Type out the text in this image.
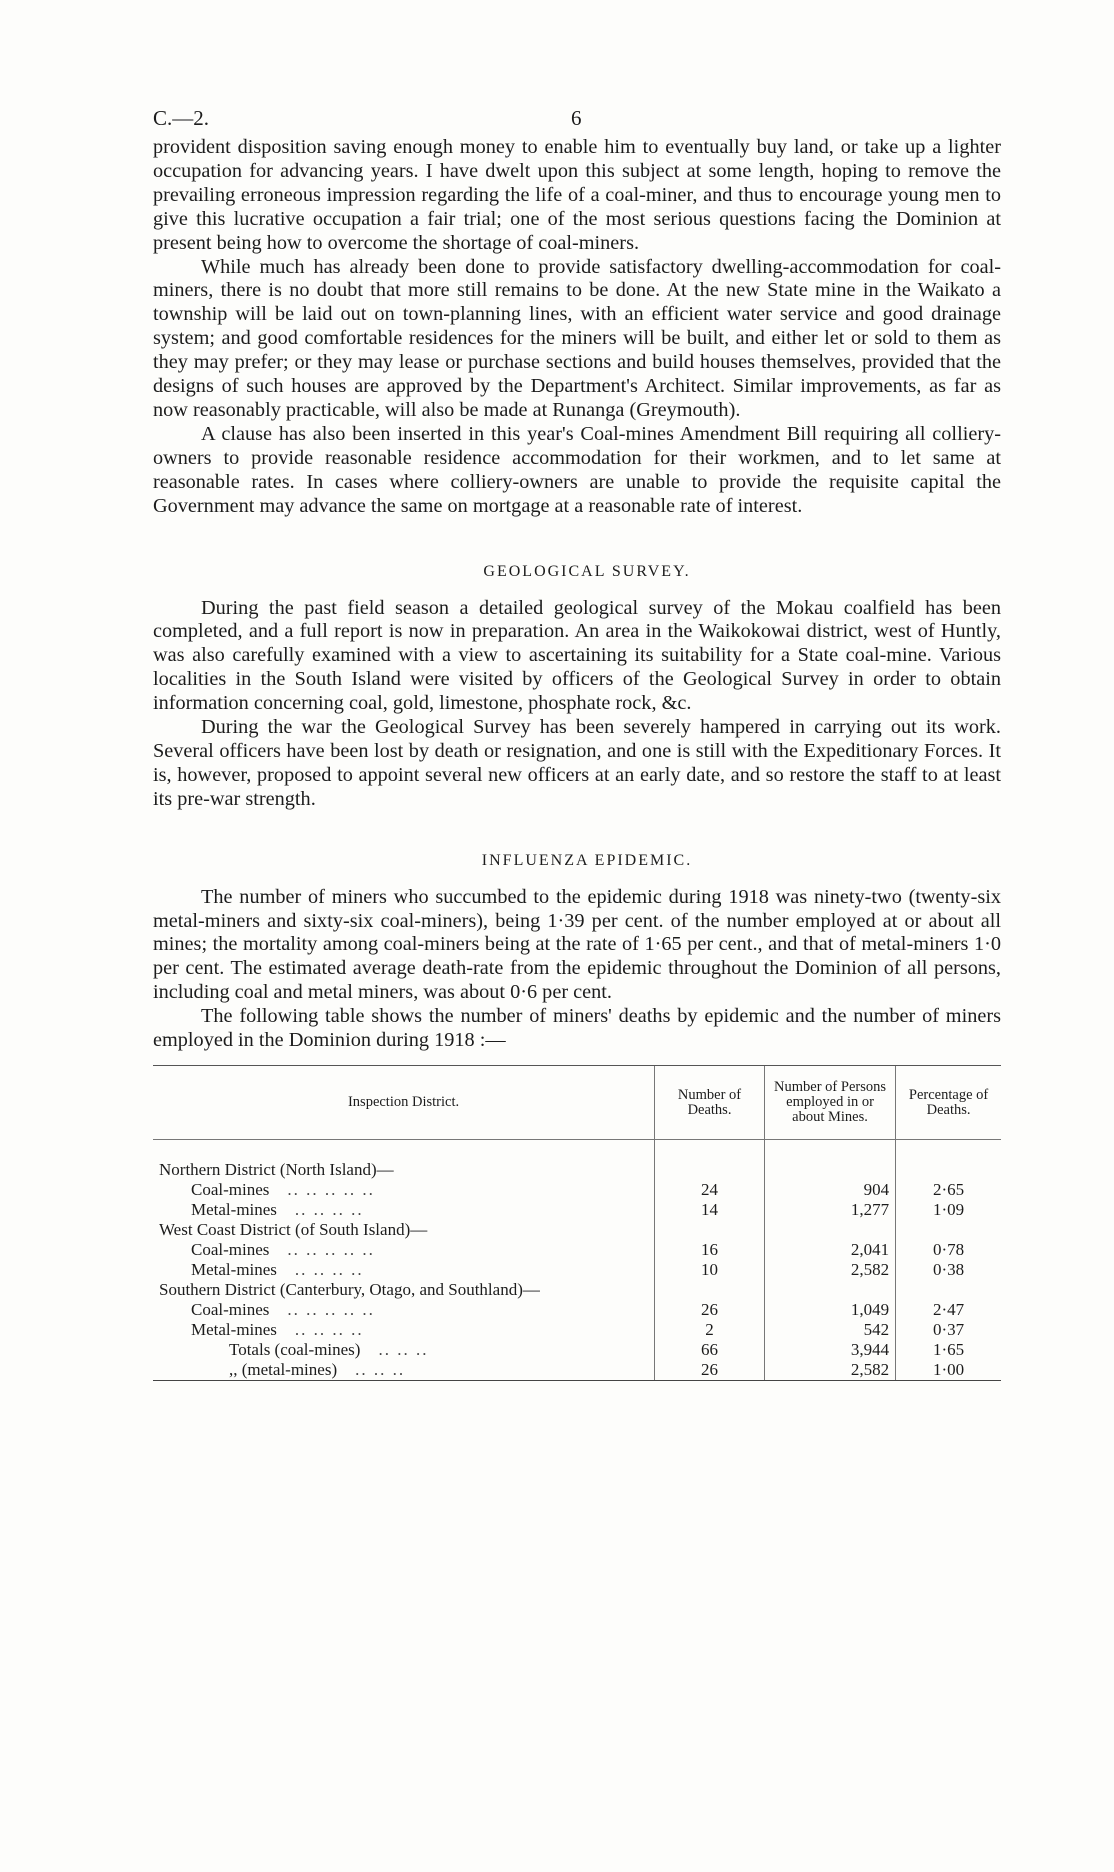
C.—2.	6

provident disposition saving enough money to enable him to eventually buy land, or take up a lighter occupation for advancing years. I have dwelt upon this subject at some length, hoping to remove the prevailing erroneous impression regarding the life of a coal-miner, and thus to encourage young men to give this lucrative occupation a fair trial; one of the most serious questions facing the Dominion at present being how to overcome the shortage of coal-miners.

While much has already been done to provide satisfactory dwelling-accommodation for coal-miners, there is no doubt that more still remains to be done. At the new State mine in the Waikato a township will be laid out on town-planning lines, with an efficient water service and good drainage system; and good comfortable residences for the miners will be built, and either let or sold to them as they may prefer; or they may lease or purchase sections and build houses themselves, provided that the designs of such houses are approved by the Department's Architect. Similar improvements, as far as now reasonably practicable, will also be made at Runanga (Greymouth).

A clause has also been inserted in this year's Coal-mines Amendment Bill requiring all colliery-owners to provide reasonable residence accommodation for their workmen, and to let same at reasonable rates. In cases where colliery-owners are unable to provide the requisite capital the Government may advance the same on mortgage at a reasonable rate of interest.

GEOLOGICAL SURVEY.

During the past field season a detailed geological survey of the Mokau coalfield has been completed, and a full report is now in preparation. An area in the Waikokowai district, west of Huntly, was also carefully examined with a view to ascertaining its suitability for a State coal-mine. Various localities in the South Island were visited by officers of the Geological Survey in order to obtain information concerning coal, gold, limestone, phosphate rock, &c.

During the war the Geological Survey has been severely hampered in carrying out its work. Several officers have been lost by death or resignation, and one is still with the Expeditionary Forces. It is, however, proposed to appoint several new officers at an early date, and so restore the staff to at least its pre-war strength.

INFLUENZA EPIDEMIC.

The number of miners who succumbed to the epidemic during 1918 was ninety-two (twenty-six metal-miners and sixty-six coal-miners), being 1·39 per cent. of the number employed at or about all mines; the mortality among coal-miners being at the rate of 1·65 per cent., and that of metal-miners 1·0 per cent. The estimated average death-rate from the epidemic throughout the Dominion of all persons, including coal and metal miners, was about 0·6 per cent.

The following table shows the number of miners' deaths by epidemic and the number of miners employed in the Dominion during 1918 :—

Inspection District.	Number of Deaths.	Number of Persons employed in or about Mines.	Percentage of Deaths.

Northern District (North Island)—			
Coal-mines .. .. .. .. ..	24	904	2·65
Metal-mines .. .. .. ..	14	1,277	1·09
West Coast District (of South Island)—			
Coal-mines .. .. .. .. ..	16	2,041	0·78
Metal-mines .. .. .. ..	10	2,582	0·38
Southern District (Canterbury, Otago, and Southland)—			
Coal-mines .. .. .. .. ..	26	1,049	2·47
Metal-mines .. .. .. ..	2	542	0·37
Totals (coal-mines) .. .. ..	66	3,944	1·65
,, (metal-mines) .. .. ..	26	2,582	1·00
